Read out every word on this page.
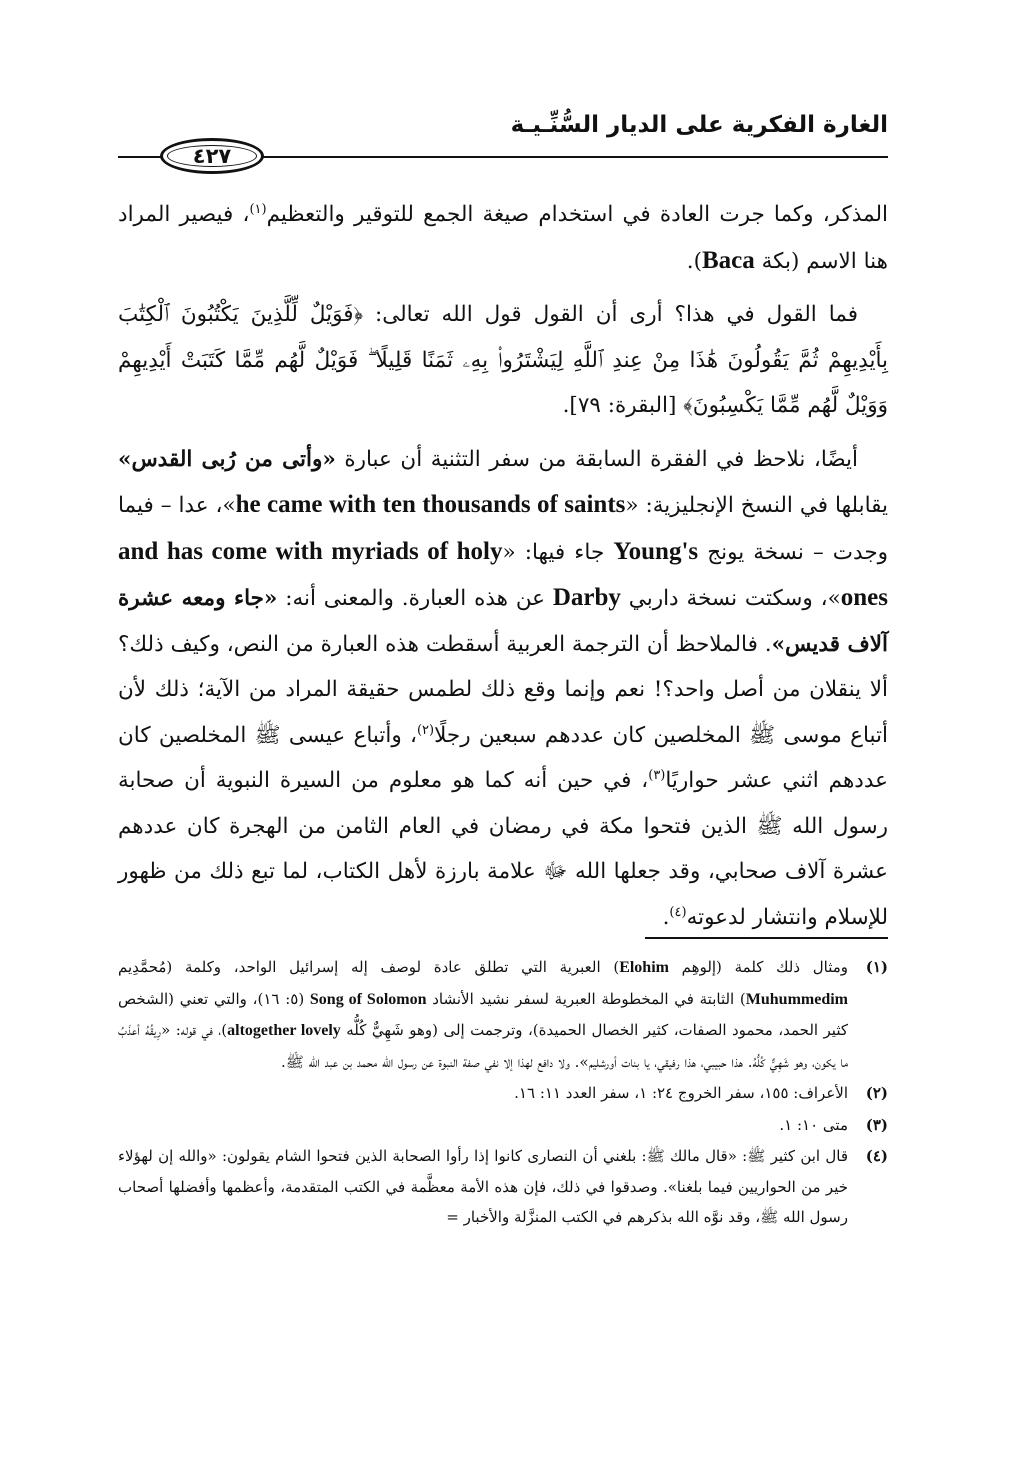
الغارة الفكرية على الديار السُّنِّـيـة
٤٢٧

المذكر، وكما جرت العادة في استخدام صيغة الجمع للتوقير والتعظيم$^{(١)}$، فيصير المراد هنا الاسم (بكة Baca).

فما القول في هذا؟ أرى أن القول قول الله تعالى: ﴿فَوَيْلٌ لِّلَّذِينَ يَكْتُبُونَ ٱلْكِتَٰبَ بِأَيْدِيهِمْ ثُمَّ يَقُولُونَ هَٰذَا مِنْ عِندِ ٱللَّهِ لِيَشْتَرُوا۟ بِهِۦ ثَمَنًا قَلِيلًا ۖ فَوَيْلٌ لَّهُم مِّمَّا كَتَبَتْ أَيْدِيهِمْ وَوَيْلٌ لَّهُم مِّمَّا يَكْسِبُونَ﴾ [البقرة: ٧٩].

أيضًا، نلاحظ في الفقرة السابقة من سفر التثنية أن عبارة «وأتى من رُبى القدس» يقابلها في النسخ الإنجليزية: «he came with ten thousands of saints»، عدا – فيما وجدت – نسخة يونج Young's جاء فيها: «and has come with myriads of holy ones»، وسكتت نسخة داربي Darby عن هذه العبارة. والمعنى أنه: «جاء ومعه عشرة آلاف قديس». فالملاحظ أن الترجمة العربية أسقطت هذه العبارة من النص، وكيف ذلك؟ ألا ينقلان من أصل واحد؟! نعم وإنما وقع ذلك لطمس حقيقة المراد من الآية؛ ذلك لأن أتباع موسى ﷺ المخلصين كان عددهم سبعين رجلًا$^{(٢)}$، وأتباع عيسى ﷺ المخلصين كان عددهم اثني عشر حواريًا$^{(٣)}$، في حين أنه كما هو معلوم من السيرة النبوية أن صحابة رسول الله ﷺ الذين فتحوا مكة في رمضان في العام الثامن من الهجرة كان عددهم عشرة آلاف صحابي، وقد جعلها الله ﷻ علامة بارزة لأهل الكتاب، لما تبع ذلك من ظهور للإسلام وانتشار لدعوته$^{(٤)}$.

(١)
ومثال ذلك كلمة (إلوهِم Elohim) العبرية التي تطلق عادة لوصف إله إسرائيل الواحد، وكلمة (مُحمَّدِيم Muhummedim) الثابتة في المخطوطة العبرية لسفر نشيد الأنشاد Song of Solomon (٥: ١٦)، والتي تعني (الشخص كثير الحمد، محمود الصفات، كثير الخصال الحميدة)، وترجمت إلى (وهو شَهِيٌّ كُلُّه altogether lovely)، في قوله: «رِيقُهُ أعذَبُ ما يكون، وهو شَهِيٌّ كُلُّهُ. هذا حبيبي، هذا رفيقي، يا بنات أورشليم». ولا دافع لهذا إلا نفي صفة النبوة عن رسول الله محمد بن عبد الله ﷺ.
(٢)
الأعراف: ١٥٥، سفر الخروج ٢٤: ١، سفر العدد ١١: ١٦.
(٣)
متى ١٠: ١.
(٤)
قال ابن كثير ﷺ: «قال مالك ﷺ: بلغني أن النصارى كانوا إذا رأوا الصحابة الذين فتحوا الشام يقولون: «والله إن لهؤلاء خير من الحواريين فيما بلغنا». وصدقوا في ذلك، فإن هذه الأمة معظَّمة في الكتب المتقدمة، وأعظمها وأفضلها أصحاب رسول الله ﷺ، وقد نوَّه الله بذكرهم في الكتب المنزَّلة والأخبار =
